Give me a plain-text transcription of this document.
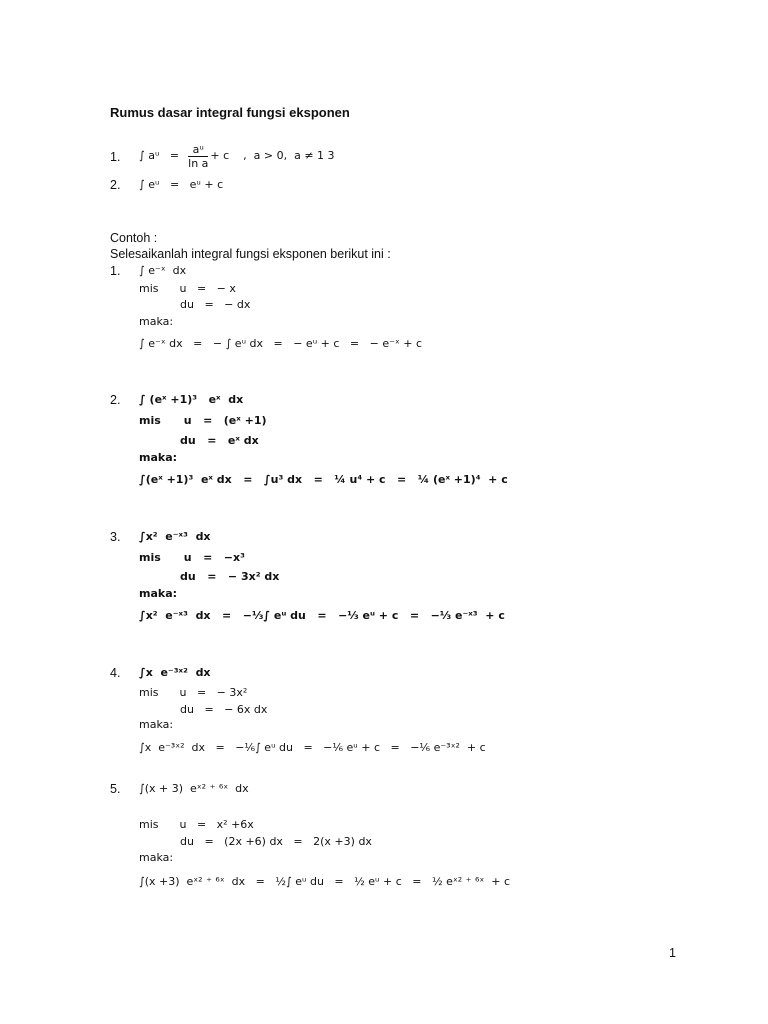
Rumus dasar integral fungsi eksponen
1. ∫ aᵘ   = $\frac{\text{aᵘ}}{\text{ln a}} + c$    ,  a > 0,  a ≠ 1 3
2. ∫ eᵘ   =   eᵘ + c
Contoh :
Selesaikanlah integral fungsi eksponen berikut ini :
1. ∫ e⁻ˣ  dx
mis      u   =   − x
du   =   − dx
maka:
∫ e⁻ˣ dx   =   − ∫ eᵘ dx   =   − eᵘ + c   =   − e⁻ˣ + c
2. ∫ (eˣ +1)³   eˣ  dx
mis      u   =   (eˣ +1)
du   =   eˣ dx
maka:
∫(eˣ +1)³  eˣ dx   =   ∫u³ dx   =   ¼ u⁴ + c   =   ¼ (eˣ +1)⁴  + c
3. ∫x²  e⁻ˣ³  dx
mis      u   =   −x³
du   =   − 3x² dx
maka:
∫x²  e⁻ˣ³  dx   =   −⅓∫ eᵘ du   =   −⅓ eᵘ + c   =   −⅓ e⁻ˣ³  + c
4. ∫x  e⁻³ˣ²  dx
mis      u   =   − 3x²
du   =   − 6x dx
maka:
∫x  e⁻³ˣ²  dx   =   −⅙∫ eᵘ du   =   −⅙ eᵘ + c   =   −⅙ e⁻³ˣ²  + c
5. ∫(x + 3)  eˣ² ⁺ ⁶ˣ  dx
mis      u   =   x² +6x
du   =   (2x +6) dx   =   2(x +3) dx
maka:
∫(x +3)  eˣ² ⁺ ⁶ˣ  dx   =   ½∫ eᵘ du   =   ½ eᵘ + c   =   ½ eˣ² ⁺ ⁶ˣ  + c
1
